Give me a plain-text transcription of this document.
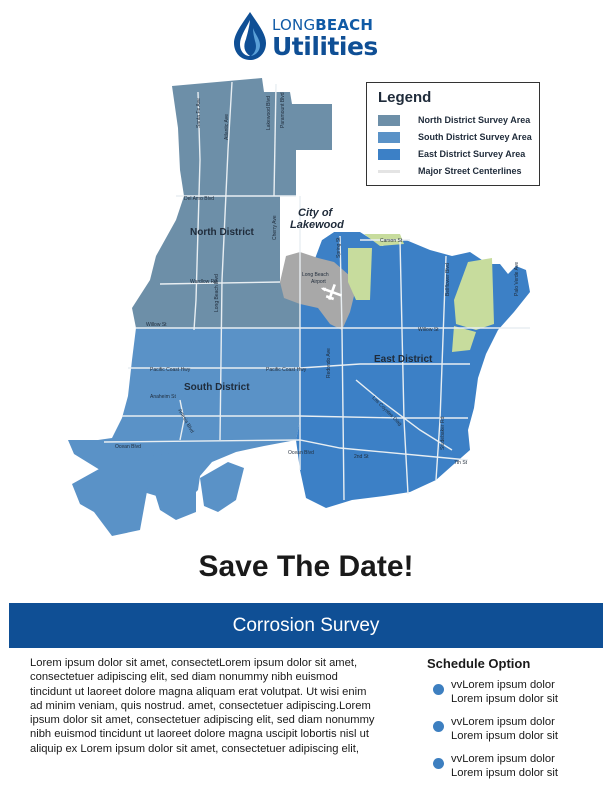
LONGBEACH
Utilities
Willow St
Willow St
Pacific Coast Hwy	Pacific Coast Hwy
Del Amo Blvd
Wardlow Rd
Carson St
Anaheim St
7th St
Ocean Blvd
Ocean Blvd
2nd St
Long Beach Blvd
Atlantic Ave
Cherry Ave
Paramount Blvd
Santa Fe Ave	Lakewood Blvd
Bellflower Blvd
Studebaker Rd
Redondo Ave
Los Coyotes Diag
Spring St
Palo Verde Ave
Artesia Blvd
North District
South District
East District
City of
Lakewood
Long Beach
Airport
Legend
North District Survey Area
South District Survey Area
East District Survey Area
Major Street Centerlines
Save The Date!
Corrosion Survey
Lorem ipsum dolor sit amet, consectetLorem ipsum dolor sit amet, consectetuer adipiscing elit, sed diam nonummy nibh euismod tincidunt ut laoreet dolore magna aliquam erat volutpat. Ut wisi enim ad minim veniam, quis nostrud. amet, consectetuer adipiscing.Lorem ipsum dolor sit amet, consectetuer adipiscing elit, sed diam nonummy nibh euismod tincidunt ut laoreet dolore magna uscipit lobortis nisl ut aliquip ex Lorem ipsum dolor sit amet, consectetuer adipiscing elit,
Schedule Option
vvLorem ipsum dolor
Lorem ipsum dolor sit
vvLorem ipsum dolor
Lorem ipsum dolor sit
vvLorem ipsum dolor
Lorem ipsum dolor sit
